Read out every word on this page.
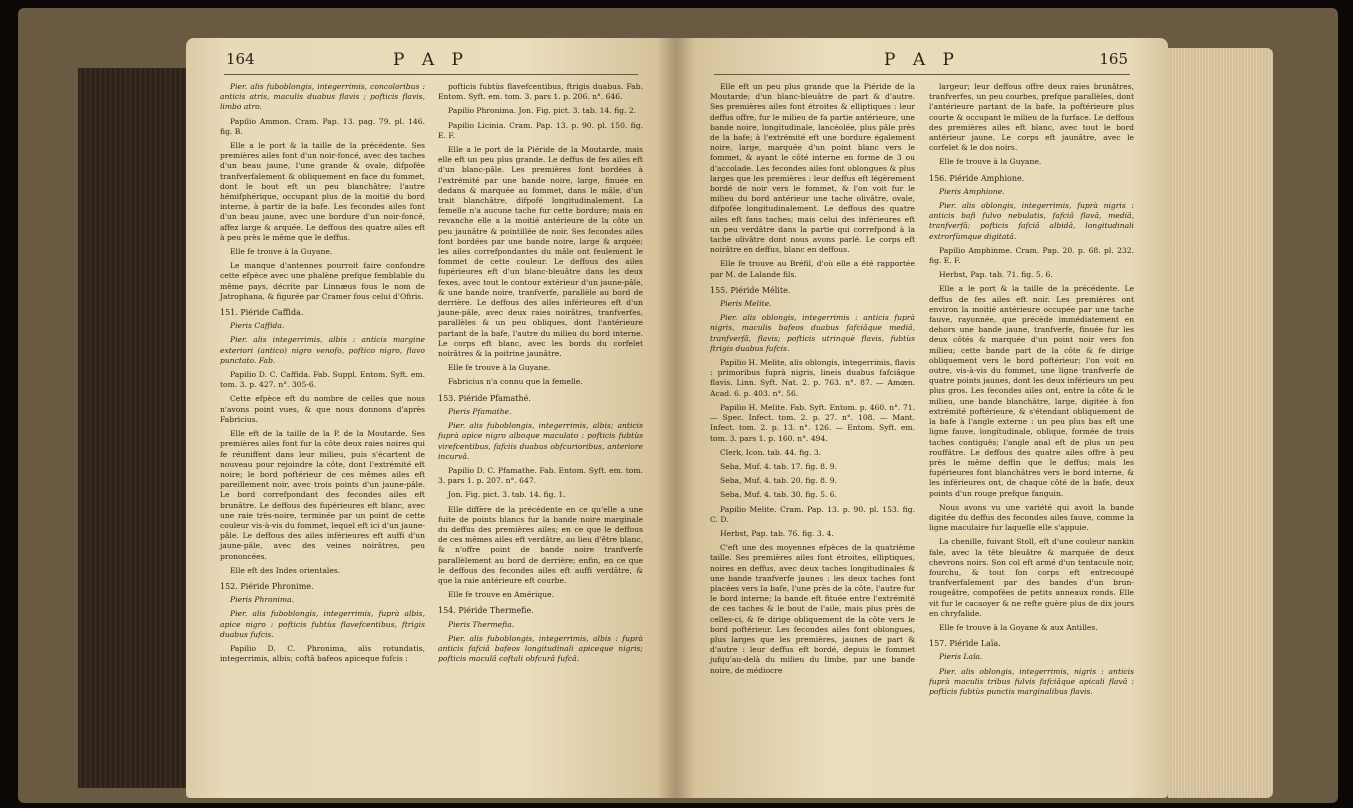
164	P A P

Pier. alis fuboblongis, integerrimis, concoloribus : anticis atris, maculis duabus flavis ; pofticis flavis, limbo atro.

Papilio Ammon. Cram. Pap. 13. pag. 79. pl. 146. fig. B.

Elle a le port & la taille de la précédente. Ses premières ailes font d'un noir-foncé, avec des taches d'un beau jaune, l'une grande & ovale, difpofée tranfverfalement & obliquement en face du fommet, dont le bout eft un peu blanchâtre; l'autre hémifphérique, occupant plus de la moitié du bord interne, à partir de la bafe. Les fecondes ailes font d'un beau jaune, avec une bordure d'un noir-foncé, affez large & arquée. Le deffous des quatre ailes eft à peu près le même que le deffus.

Elle fe trouve à la Guyane.

Le manque d'antennes pourroit faire confondre cette efpèce avec une phalène prefque femblable du même pays, décrite par Linnæus fous le nom de Jatrophana, & figurée par Cramer fous celui d'Ofiris.

151. Piéride Caffida.

Pieris Caffida.

Pier. alis integerrimis, albis : anticis margine exteriori (antico) nigro venofo, poftico nigro, flavo punctato. Fab.

Papilio D. C. Caffida. Fab. Suppl. Entom. Syft. em. tom. 3. p. 427. n°. 305-6.

Cette efpèce eft du nombre de celles que nous n'avons point vues, & que nous donnons d'après Fabricius.

Elle eft de la taille de la P. de la Moutarde. Ses premières ailes font fur la côte deux raies noires qui fe réuniffent dans leur milieu, puis s'écartent de nouveau pour rejoindre la côte, dont l'extrémité eft noire; le bord poftérieur de ces mêmes ailes eft pareillement noir, avec trois points d'un jaune-pâle. Le bord correfpondant des fecondes ailes eft brunâtre. Le deffous des fupérieures eft blanc, avec une raie très-noire, terminée par un point de cette couleur vis-à-vis du fommet, lequel eft ici d'un jaune-pâle. Le deffous des ailes inférieures eft auffi d'un jaune-pâle, avec des veines noirâtres, peu prononcées.

Elle eft des Indes orientales.

152. Piéride Phronime.

Pieris Phronima.

Pier. alis fuboblongis, integerrimis, fuprà albis, apice nigro : pofticis fubtùs flavefcentibus, ftrigis duabus fufcis.

Papilio D. C. Phronima, alis rotundatis, integerrimis, albis; coftâ bafeos apiceque fufcis :

pofticis fubtùs flavefcentibus, ftrigis duabus. Fab. Entom. Syft. em. tom. 3. pars 1. p. 206. n°. 646.

Papilio Phronima. Jon. Fig. pict. 3. tab. 14. fig. 2.

Papilio Licinia. Cram. Pap. 13. p. 90. pl. 150. fig. E. F.

Elle a le port de la Piéride de la Moutarde, mais elle eft un peu plus grande. Le deffus de fes ailes eft d'un blanc-pâle. Les premières font bordées à l'extrémité par une bande noire, large, finuée en dedans & marquée au fommet, dans le mâle, d'un trait blanchâtre, difpofé longitudinalement. La femelle n'a aucune tache fur cette bordure; mais en revanche elle a la moitié antérieure de la côte un peu jaunâtre & pointillée de noir. Ses fecondes ailes font bordées par une bande noire, large & arquée; les ailes correfpondantes du mâle ont feulement le fommet de cette couleur. Le deffous des ailes fupérieures eft d'un blanc-bleuâtre dans les deux fexes, avec tout le contour extérieur d'un jaune-pâle, & une bande noire, tranfverfe, parallèle au bord de derrière. Le deffous des ailes inférieures eft d'un jaune-pâle, avec deux raies noirâtres, tranfverfes, parallèles & un peu obliques, dont l'antérieure partant de la bafe, l'autre du milieu du bord interne. Le corps eft blanc, avec les bords du corfelet noirâtres & la poitrine jaunâtre.

Elle fe trouve à la Guyane.

Fabricius n'a connu que la femelle.

153. Piéride Pfamathé.

Pieris Pfamathe.

Pier. alis fuboblongis, integerrimis, albis; anticis fuprà apice nigro alboque maculato : pofticis fubtùs virefcentibus, fafciis duabus obfcurioribus, anteriore incurvâ.

Papilio D. C. Pfamathe. Fab. Entom. Syft. em. tom. 3. pars 1. p. 207. n°. 647.

Jon. Fig. pict. 3. tab. 14. fig. 1.

Elle diffère de la précédente en ce qu'elle a une fuite de points blancs fur la bande noire marginale du deffus des premières ailes; en ce que le deffous de ces mêmes ailes eft verdâtre, au lieu d'être blanc, & n'offre point de bande noire tranfverfe parallèlement au bord de derrière; enfin, en ce que le deffous des fecondes ailes eft auffi verdâtre, & que la raie antérieure eft courbe.

Elle fe trouve en Amérique.

154. Piéride Thermefie.

Pieris Thermefia.

Pier. alis fuboblongis, integerrimis, albis : fuprà anticis fafciâ bafeos longitudinali apiceque nigris; pofticis maculâ coftali obfcurâ fufcâ.

P A P	165

Elle eft un peu plus grande que la Piéride de la Moutarde; d'un blanc-bleuâtre de part & d'autre. Ses premières ailes font étroites & elliptiques : leur deffus offre, fur le milieu de fa partie antérieure, une bande noire, longitudinale, lancéolée, plus pâle près de la bafe; à l'extrémité eft une bordure également noire, large, marquée d'un point blanc vers le fommet, & ayant le côté interne en forme de 3 ou d'accolade. Les fecondes ailes font oblongues & plus larges que les premières : leur deffus eft légèrement bordé de noir vers le fommet, & l'on voit fur le milieu du bord antérieur une tache olivâtre, ovale, difpofée longitudinalement. Le deffous des quatre ailes eft fans taches; mais celui des inférieures eft un peu verdâtre dans la partie qui correfpond à la tache olivâtre dont nous avons parlé. Le corps eft noirâtre en deffus, blanc en deffous.

Elle fe trouve au Bréfil, d'où elle a été rapportée par M. de Lalande fils.

155. Piéride Mélite.

Pieris Melite.

Pier. alis oblongis, integerrimis : anticis fuprà nigris, maculis bafeos duabus fafciâque mediâ, tranfverfâ, flavis; pofticis utrinquè flavis, fubtùs ftrigis duabus fufcis.

Papilio H. Melite, alis oblongis, integerrimis, flavis : primoribus fuprà nigris, lineis duabus fafciâque flavis. Linn. Syft. Nat. 2. p. 763. n°. 87. — Amœn. Acad. 6. p. 403. n°. 56.

Papilio H. Melite. Fab. Syft. Entom. p. 460. n°. 71. — Spec. Infect. tom. 2. p. 27. n°. 108. — Mant. Infect. tom. 2. p. 13. n°. 126. — Entom. Syft. em. tom. 3. pars 1. p. 160. n°. 494.

Clerk, Icon. tab. 44. fig. 3.

Seba, Muf. 4. tab. 17. fig. 8. 9.

Seba, Muf. 4. tab. 20. fig. 8. 9.

Seba, Muf. 4. tab. 30. fig. 5. 6.

Papilio Melite. Cram. Pap. 13. p. 90. pl. 153. fig. C. D.

Herbst, Pap. tab. 76. fig. 3. 4.

C'eft une des moyennes efpèces de la quatrième taille. Ses premières ailes font étroites, elliptiques, noires en deffus, avec deux taches longitudinales & une bande tranfverfe jaunes : les deux taches font placées vers la bafe, l'une près de la côte, l'autre fur le bord interne; la bande eft fituée entre l'extrémité de ces taches & le bout de l'aile, mais plus près de celles-ci, & fe dirige obliquement de la côte vers le bord poftérieur. Les fecondes ailes font oblongues, plus larges que les premières, jaunes de part & d'autre : leur deffus eft bordé, depuis le fommet jufqu'au-delà du milieu du limbe, par une bande noire, de médiocre

largeur; leur deffous offre deux raies brunâtres, tranfverfes, un peu courbes, prefque parallèles, dont l'antérieure partant de la bafe, la poftérieure plus courte & occupant le milieu de la furface. Le deffous des premières ailes eft blanc, avec tout le bord antérieur jaune. Le corps eft jaunâtre, avec le corfelet & le dos noirs.

Elle fe trouve à la Guyane.

156. Piéride Amphione.

Pieris Amphione.

Pier. alis oblongis, integerrimis, fuprà nigris : anticis bafi fulvo nebulatis, fafciâ flavâ, mediâ, tranfverfâ; pofticis fafciâ albidâ, longitudinali extrorfùmque digitatâ.

Papilio Amphinme. Cram. Pap. 20. p. 68. pl. 232. fig. E. F.

Herbst, Pap. tab. 71. fig. 5. 6.

Elle a le port & la taille de la précédente. Le deffus de fes ailes eft noir. Les premières ont environ la moitié antérieure occupée par une tache fauve, rayonnée, que précède immédiatement en dehors une bande jaune, tranfverfe, finuée fur les deux côtés & marquée d'un point noir vers fon milieu; cette bande part de la côte & fe dirige obliquement vers le bord poftérieur; l'on voit en outre, vis-à-vis du fommet, une ligne tranfverfe de quatre points jaunes, dont les deux inférieurs un peu plus gros. Les fecondes ailes ont, entre la côte & le milieu, une bande blanchâtre, large, digitée à fon extrémité poftérieure, & s'étendant obliquement de la bafe à l'angle externe : un peu plus bas eft une ligne fauve, longitudinale, oblique, formée de trois taches contiguës; l'angle anal eft de plus un peu rouffâtre. Le deffous des quatre ailes offre à peu près le même deffin que le deffus; mais les fupérieures font blanchâtres vers le bord interne, & les inférieures ont, de chaque côté de la bafe, deux points d'un rouge prefque fanguin.

Nous avons vu une variété qui avoit la bande digitée du deffus des fecondes ailes fauve, comme la ligne maculaire fur laquelle elle s'appuie.

La chenille, fuivant Stoll, eft d'une couleur nankin fale, avec la tête bleuâtre & marquée de deux chevrons noirs. Son col eft armé d'un tentacule noir, fourchu, & tout fon corps eft entrecoupé tranfverfalement par des bandes d'un brun-rougeâtre, compofées de petits anneaux ronds. Elle vit fur le cacaoyer & ne refte guère plus de dix jours en chryfalide.

Elle fe trouve à la Goyane & aux Antilles.

157. Piéride Laïa.

Pieris Laïa.

Pier. alis oblongis, integerrimis, nigris : anticis fuprà maculis tribus fulvis fafciâque apicali flavâ : pofticis fubtùs punctis marginalibus flavis.
